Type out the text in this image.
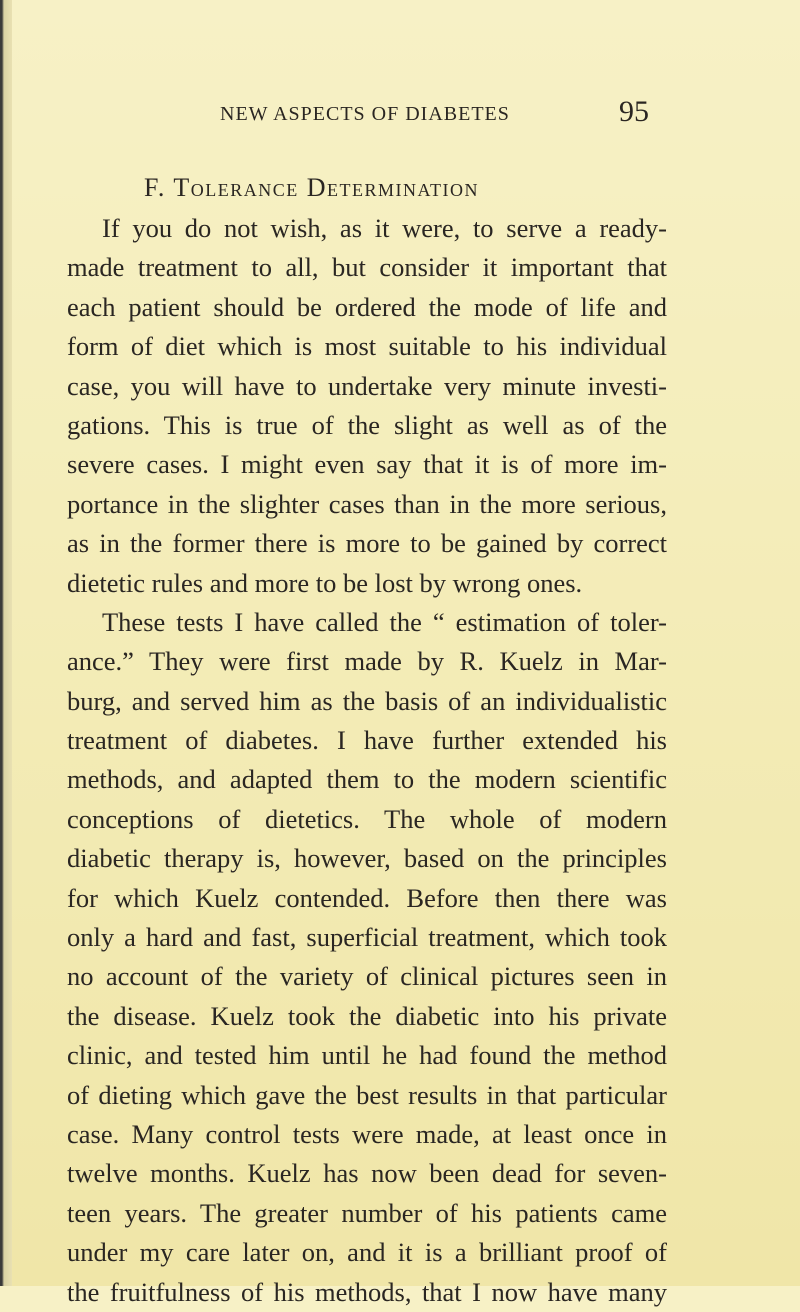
NEW ASPECTS OF DIABETES	95
F. Tolerance Determination
If you do not wish, as it were, to serve a ready-
made treatment to all, but consider it important that
each patient should be ordered the mode of life and
form of diet which is most suitable to his individual
case, you will have to undertake very minute investi-
gations. This is true of the slight as well as of the
severe cases. I might even say that it is of more im-
portance in the slighter cases than in the more serious,
as in the former there is more to be gained by correct
dietetic rules and more to be lost by wrong ones.
These tests I have called the “ estimation of toler-
ance.” They were first made by R. Kuelz in Mar-
burg, and served him as the basis of an individualistic
treatment of diabetes. I have further extended his
methods, and adapted them to the modern scientific
conceptions of dietetics. The whole of modern
diabetic therapy is, however, based on the principles
for which Kuelz contended. Before then there was
only a hard and fast, superficial treatment, which took
no account of the variety of clinical pictures seen in
the disease. Kuelz took the diabetic into his private
clinic, and tested him until he had found the method
of dieting which gave the best results in that particular
case. Many control tests were made, at least once in
twelve months. Kuelz has now been dead for seven-
teen years. The greater number of his patients came
under my care later on, and it is a brilliant proof of
the fruitfulness of his methods, that I now have many
